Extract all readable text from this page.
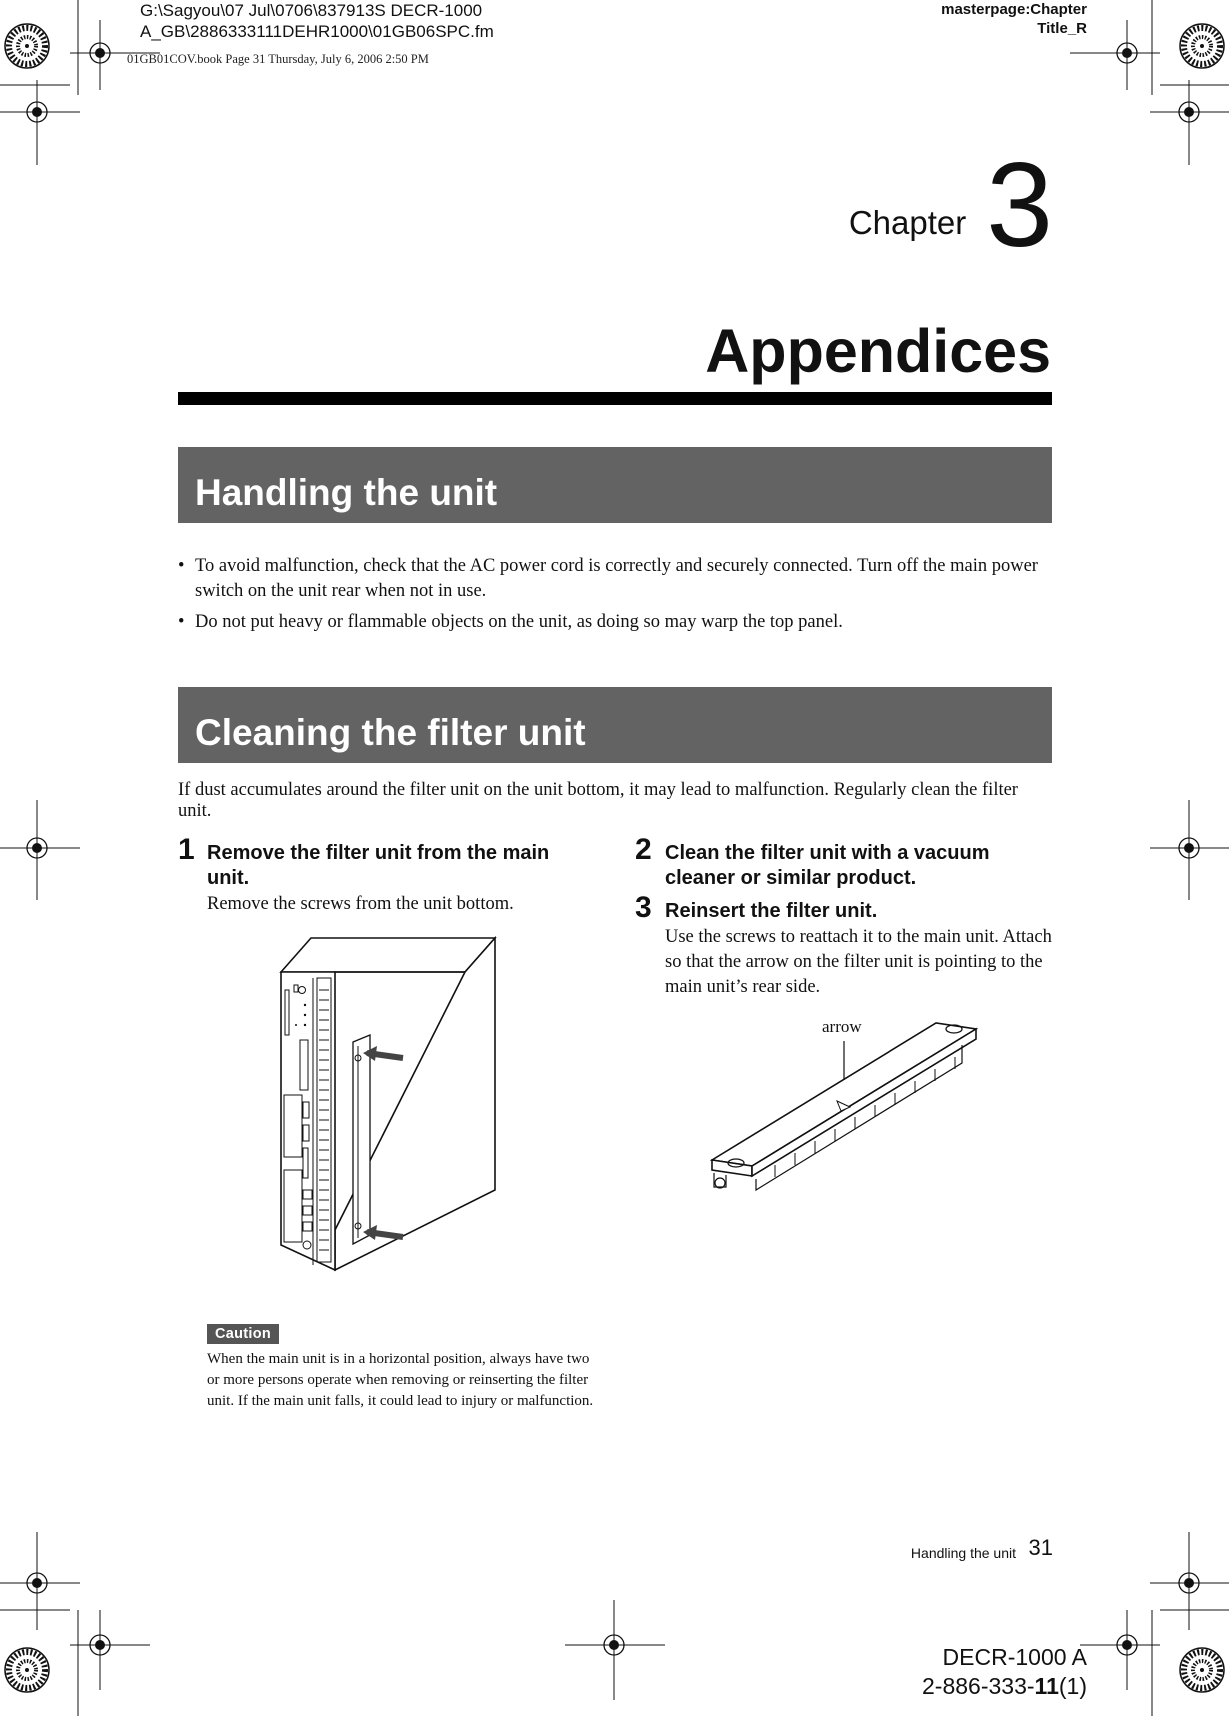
G:\Sagyou\07 Jul\0706\837913S DECR-1000
A_GB\2886333111DEHR1000\01GB06SPC.fm
01GB01COV.book Page 31 Thursday, July 6, 2006 2:50 PM
masterpage:Chapter
Title_R
Chapter 3
Appendices
Handling the unit
• To avoid malfunction, check that the AC power cord is correctly and securely connected. Turn off the main power switch on the unit rear when not in use.
• Do not put heavy or flammable objects on the unit, as doing so may warp the top panel.
Cleaning the filter unit
If dust accumulates around the filter unit on the unit bottom, it may lead to malfunction. Regularly clean the filter unit.
1 Remove the filter unit from the main unit.
Remove the screws from the unit bottom.
2 Clean the filter unit with a vacuum cleaner or similar product.
3 Reinsert the filter unit.
Use the screws to reattach it to the main unit. Attach so that the arrow on the filter unit is pointing to the main unit’s rear side.
arrow
Caution
When the main unit is in a horizontal position, always have two or more persons operate when removing or reinserting the filter unit. If the main unit falls, it could lead to injury or malfunction.
Handling the unit 31
DECR-1000 A
2-886-333-11(1)
